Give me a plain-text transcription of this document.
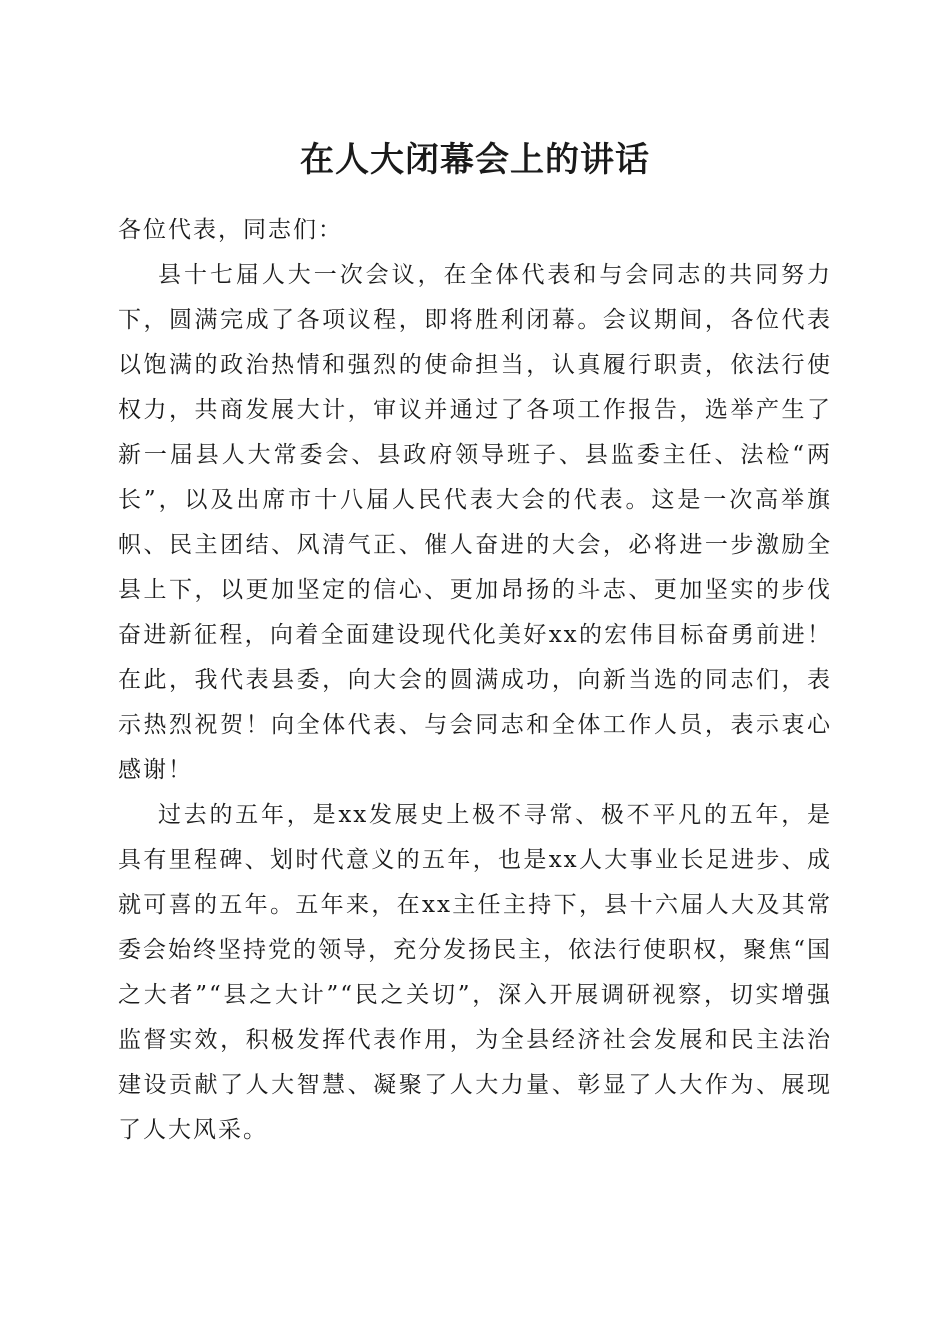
在人大闭幕会上的讲话

各位代表，同志们：

县十七届人大一次会议，在全体代表和与会同志的共同努力下，圆满完成了各项议程，即将胜利闭幕。会议期间，各位代表以饱满的政治热情和强烈的使命担当，认真履行职责，依法行使权力，共商发展大计，审议并通过了各项工作报告，选举产生了新一届县人大常委会、县政府领导班子、县监委主任、法检“两长”，以及出席市十八届人民代表大会的代表。这是一次高举旗帜、民主团结、风清气正、催人奋进的大会，必将进一步激励全县上下，以更加坚定的信心、更加昂扬的斗志、更加坚实的步伐奋进新征程，向着全面建设现代化美好xx的宏伟目标奋勇前进！在此，我代表县委，向大会的圆满成功，向新当选的同志们，表示热烈祝贺！向全体代表、与会同志和全体工作人员，表示衷心感谢！

过去的五年，是xx发展史上极不寻常、极不平凡的五年，是具有里程碑、划时代意义的五年，也是xx人大事业长足进步、成就可喜的五年。五年来，在xx主任主持下，县十六届人大及其常委会始终坚持党的领导，充分发扬民主，依法行使职权，聚焦“国之大者”“县之大计”“民之关切”，深入开展调研视察，切实增强监督实效，积极发挥代表作用，为全县经济社会发展和民主法治建设贡献了人大智慧、凝聚了人大力量、彰显了人大作为、展现了人大风采。
